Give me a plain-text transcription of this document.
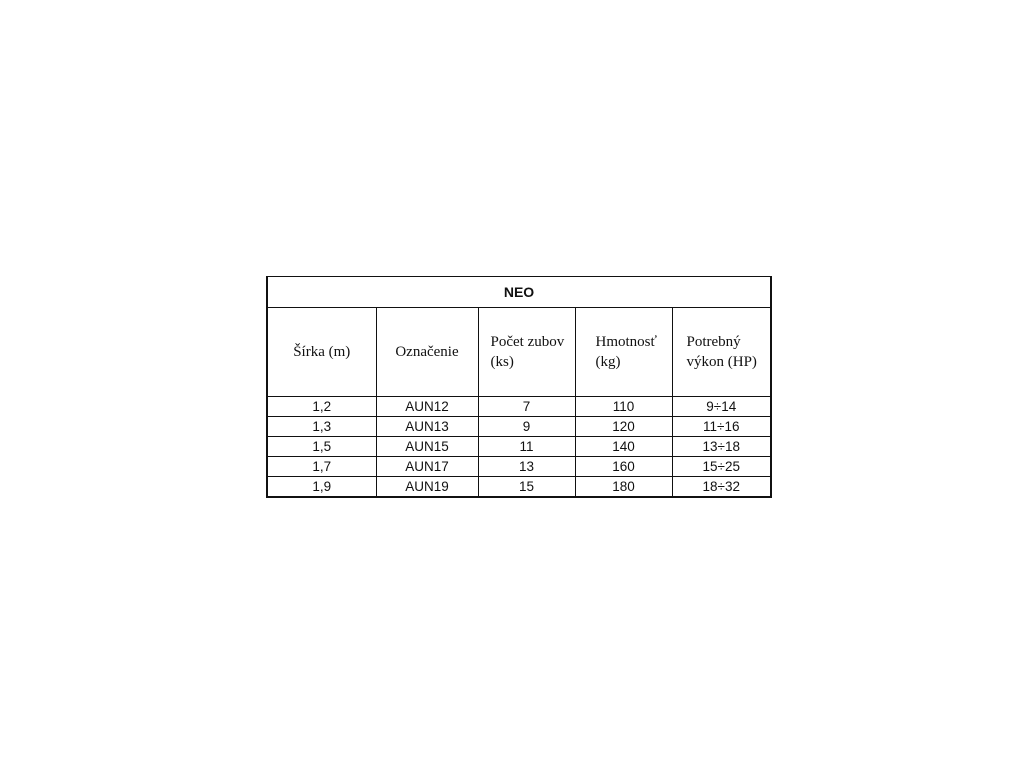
NEO				
Šírka (m)	Označenie	Počet zubov (ks)	Hmotnosť (kg)	Potrebný výkon (HP)
1,2	AUN12	7	110	9÷14
1,3	AUN13	9	120	11÷16
1,5	AUN15	11	140	13÷18
1,7	AUN17	13	160	15÷25
1,9	AUN19	15	180	18÷32
